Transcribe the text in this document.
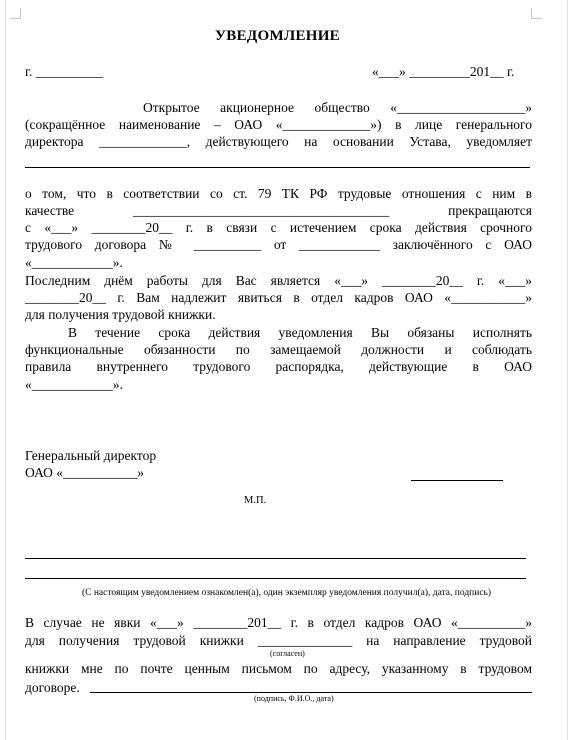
УВЕДОМЛЕНИЕ
г. __________	«___» _________201__ г.
Открытое акционерное общество «___________________»
(сокращённое наименование – ОАО «_____________») в лице генерального
директора _____________, действующего на основании Устава, уведомляет
о том, что в соответствии со ст. 79 ТК РФ трудовые отношения с ним в
качестве ______________________________________ прекращаются
с «___» ________20__ г. в связи с истечением срока действия срочного
трудового договора № __________ от ____________ заключённого с ОАО
«____________».
Последним днём работы для Вас является «___» ________20__ г. «___»
________20__ г. Вам надлежит явиться в отдел кадров ОАО «___________»
для получения трудовой книжки.
В течение срока действия уведомления Вы обязаны исполнять
функциональные обязанности по замещаемой должности и соблюдать
правила внутреннего трудового распорядка, действующие в ОАО
«____________».
Генеральный директор
ОАО «___________»
М.П.
(С настоящим уведомлением ознакомлен(а), один экземпляр уведомления получил(а), дата, подпись)
В случае не явки «___» ________201__ г. в отдел кадров ОАО «__________»
для получения трудовой книжки ______________ на направление трудовой
(согласен)
книжки мне по почте ценным письмом по адресу, указанному в трудовом
договоре.
(подпись, Ф.И.О., дата)
